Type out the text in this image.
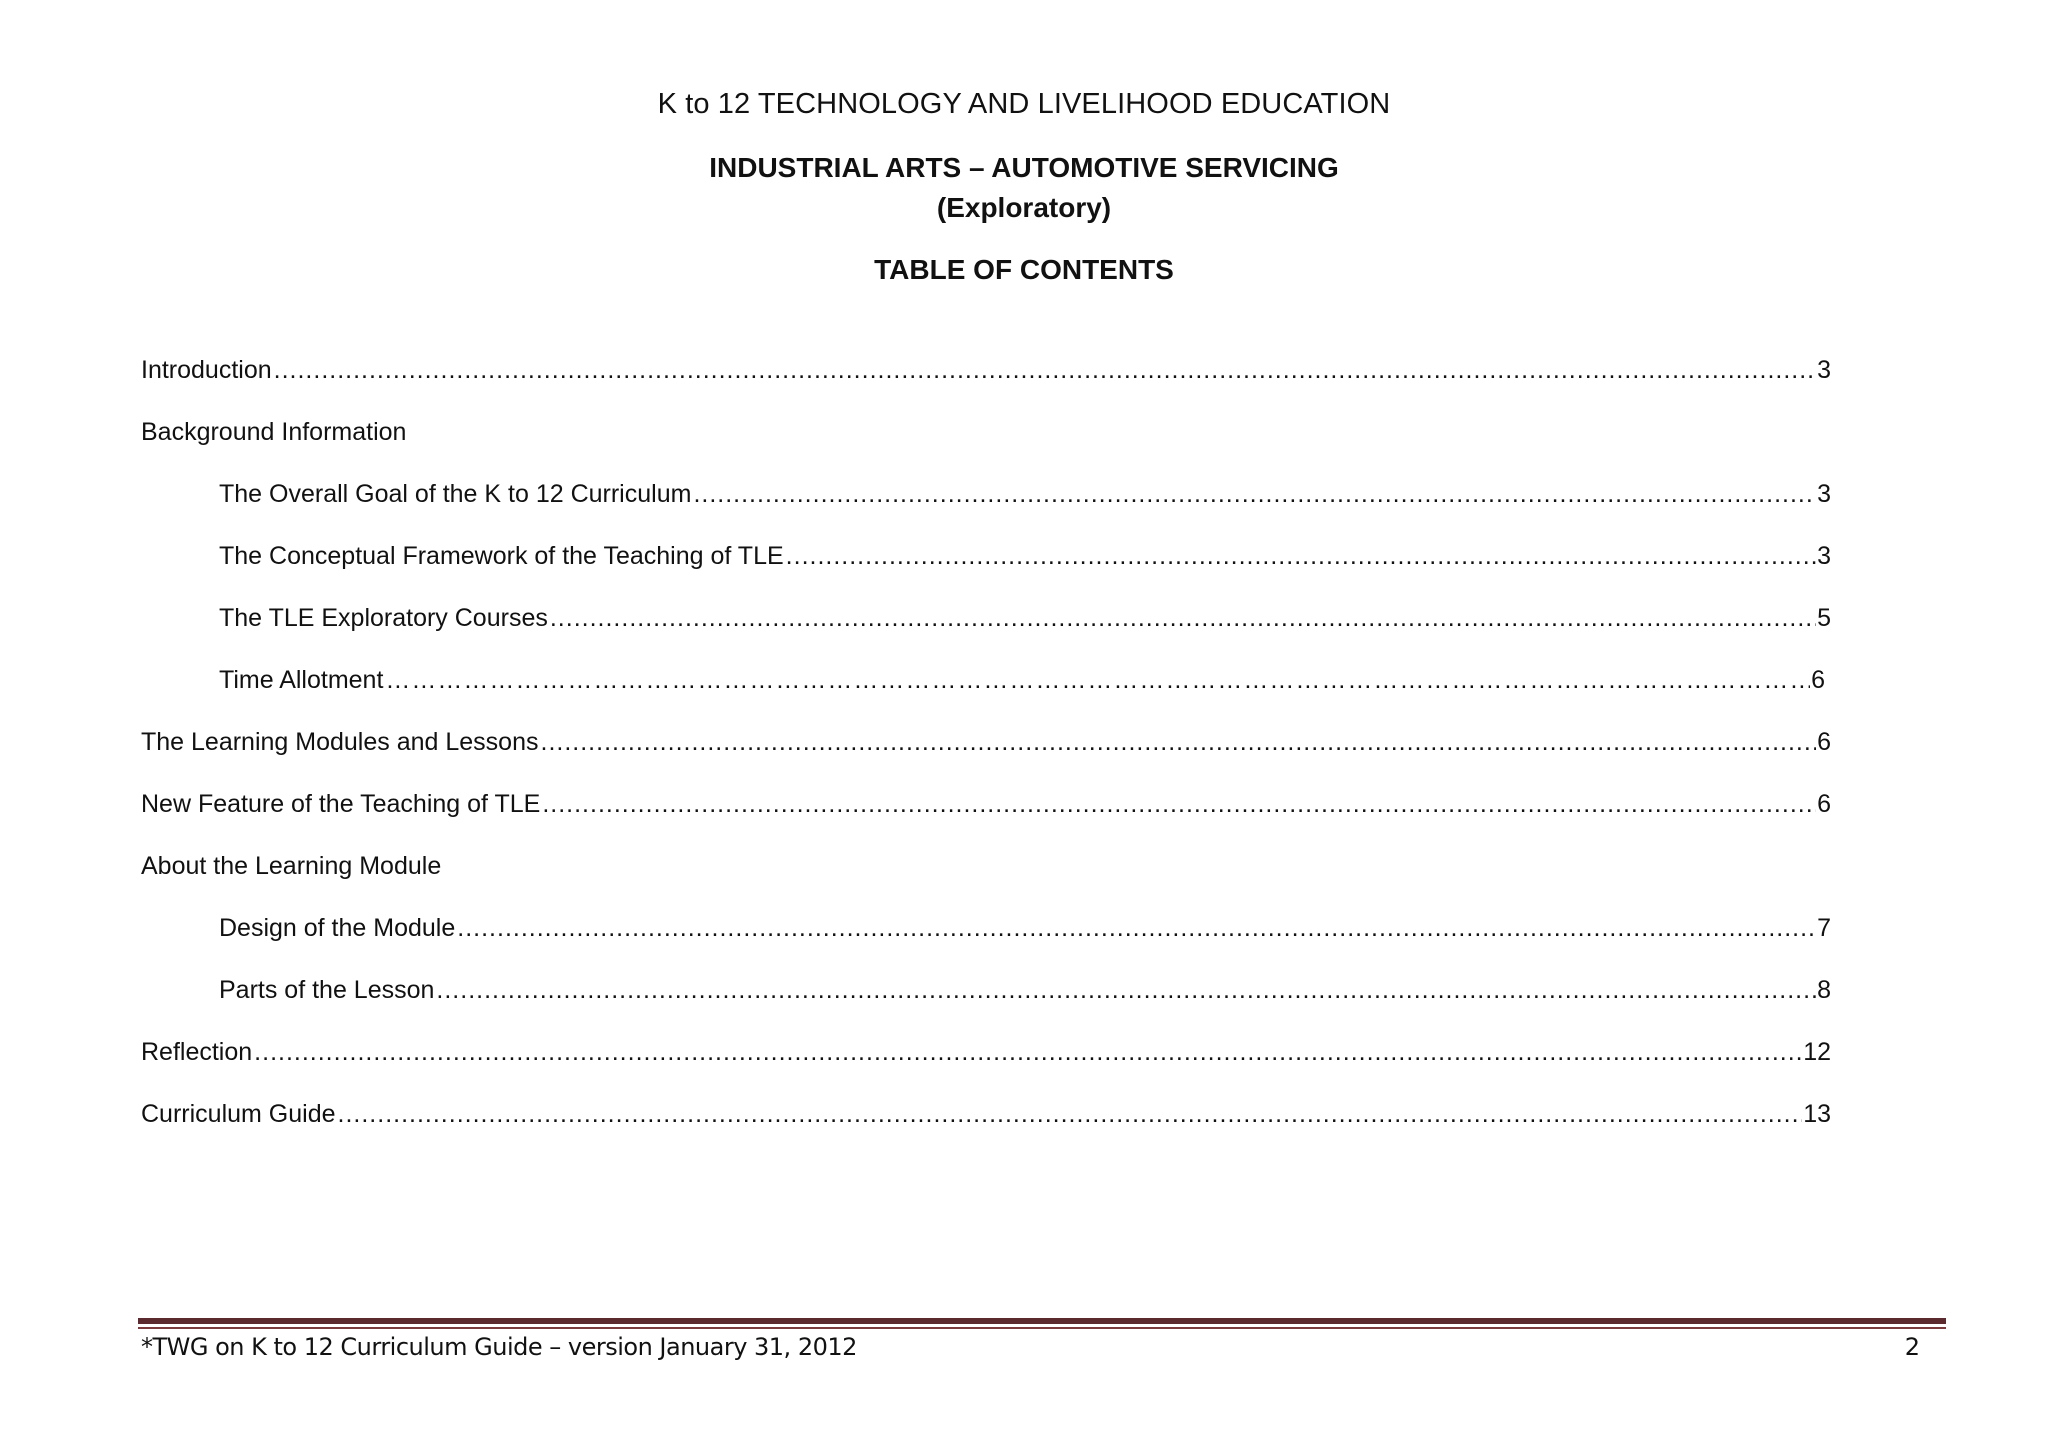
K to 12 TECHNOLOGY AND LIVELIHOOD EDUCATION
INDUSTRIAL ARTS – AUTOMOTIVE SERVICING
(Exploratory)
TABLE OF CONTENTS
Introduction .....	3
Background Information
The Overall Goal of the K to 12 Curriculum .....	3
The Conceptual Framework of the Teaching of TLE .....	3
The TLE Exploratory Courses .....	5
Time Allotment ………………………………………………………………………………………………………………………………………………………………………………………………………………	6
The Learning Modules and Lessons .....	6
New Feature of the Teaching of TLE .....	6
About the Learning Module
Design of the Module .....	7
Parts of the Lesson .....	8
Reflection .....	12
Curriculum Guide .....	13
*TWG on K to 12 Curriculum Guide – version January 31, 2012	2
